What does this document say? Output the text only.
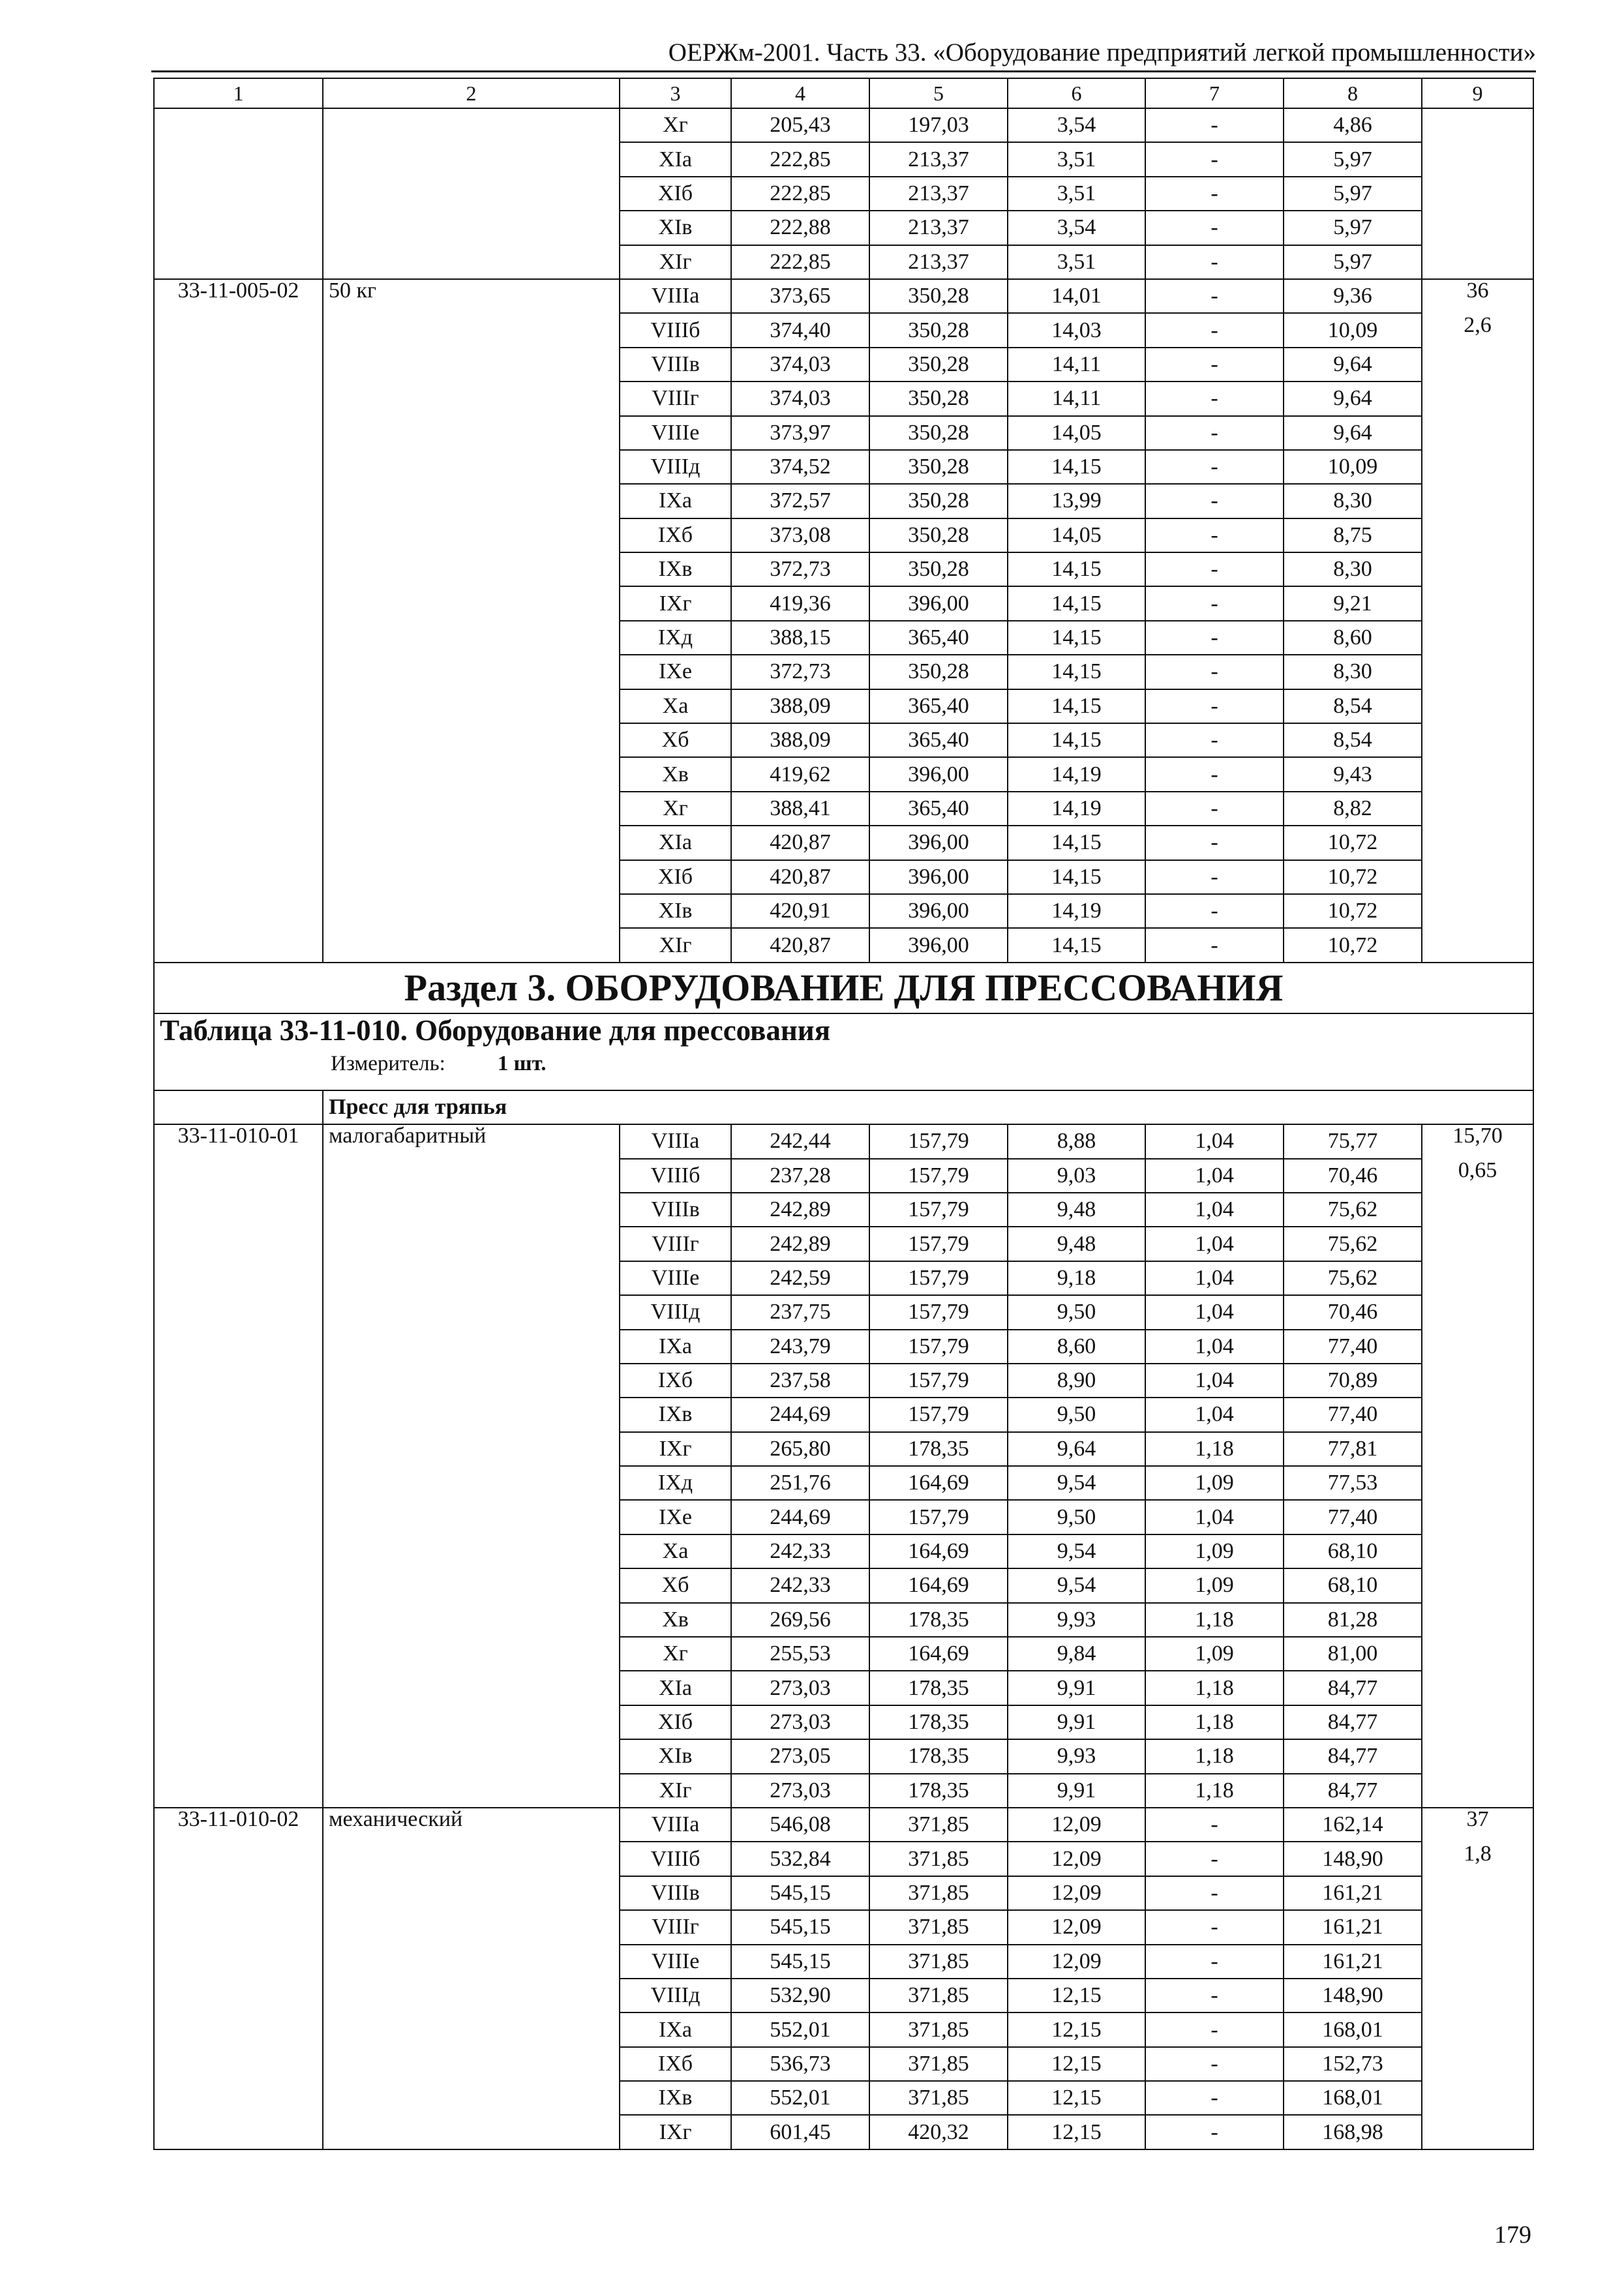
ОЕРЖм-2001. Часть 33. «Оборудование предприятий легкой промышленности»
1	2	3	4	5	6	7	8	9
		Хг	205,43	197,03	3,54	-	4,86	
		XIа	222,85	213,37	3,51	-	5,97	
		XIб	222,85	213,37	3,51	-	5,97	
		XIв	222,88	213,37	3,54	-	5,97	
		XIг	222,85	213,37	3,51	-	5,97	
33-11-005-02	50 кг	VIIIа	373,65	350,28	14,01	-	9,36	36
2,6

		VIIIб	374,40	350,28	14,03	-	10,09	
		VIIIв	374,03	350,28	14,11	-	9,64	
		VIIIг	374,03	350,28	14,11	-	9,64	
		VIIIе	373,97	350,28	14,05	-	9,64	
		VIIIд	374,52	350,28	14,15	-	10,09	
		IXа	372,57	350,28	13,99	-	8,30	
		IXб	373,08	350,28	14,05	-	8,75	
		IXв	372,73	350,28	14,15	-	8,30	
		IXг	419,36	396,00	14,15	-	9,21	
		IXд	388,15	365,40	14,15	-	8,60	
		IXе	372,73	350,28	14,15	-	8,30	
		Ха	388,09	365,40	14,15	-	8,54	
		Хб	388,09	365,40	14,15	-	8,54	
		Хв	419,62	396,00	14,19	-	9,43	
		Хг	388,41	365,40	14,19	-	8,82	
		XIа	420,87	396,00	14,15	-	10,72	
		XIб	420,87	396,00	14,15	-	10,72	
		XIв	420,91	396,00	14,19	-	10,72	
		XIг	420,87	396,00	14,15	-	10,72	
Раздел 3. ОБОРУДОВАНИЕ ДЛЯ ПРЕССОВАНИЯ								

Таблица 33-11-010. Оборудование для прессования
Измеритель: 1 шт.								

	Пресс для тряпья							
33-11-010-01	малогабаритный	VIIIа	242,44	157,79	8,88	1,04	75,77	15,70
0,65

		VIIIб	237,28	157,79	9,03	1,04	70,46	
		VIIIв	242,89	157,79	9,48	1,04	75,62	
		VIIIг	242,89	157,79	9,48	1,04	75,62	
		VIIIе	242,59	157,79	9,18	1,04	75,62	
		VIIIд	237,75	157,79	9,50	1,04	70,46	
		IXа	243,79	157,79	8,60	1,04	77,40	
		IXб	237,58	157,79	8,90	1,04	70,89	
		IXв	244,69	157,79	9,50	1,04	77,40	
		IXг	265,80	178,35	9,64	1,18	77,81	
		IXд	251,76	164,69	9,54	1,09	77,53	
		IXе	244,69	157,79	9,50	1,04	77,40	
		Ха	242,33	164,69	9,54	1,09	68,10	
		Хб	242,33	164,69	9,54	1,09	68,10	
		Хв	269,56	178,35	9,93	1,18	81,28	
		Хг	255,53	164,69	9,84	1,09	81,00	
		XIа	273,03	178,35	9,91	1,18	84,77	
		XIб	273,03	178,35	9,91	1,18	84,77	
		XIв	273,05	178,35	9,93	1,18	84,77	
		XIг	273,03	178,35	9,91	1,18	84,77	
33-11-010-02	механический	VIIIа	546,08	371,85	12,09	-	162,14	37
1,8

		VIIIб	532,84	371,85	12,09	-	148,90	
		VIIIв	545,15	371,85	12,09	-	161,21	
		VIIIг	545,15	371,85	12,09	-	161,21	
		VIIIе	545,15	371,85	12,09	-	161,21	
		VIIIд	532,90	371,85	12,15	-	148,90	
		IXа	552,01	371,85	12,15	-	168,01	
		IXб	536,73	371,85	12,15	-	152,73	
		IXв	552,01	371,85	12,15	-	168,01	
		IXг	601,45	420,32	12,15	-	168,98	
179
